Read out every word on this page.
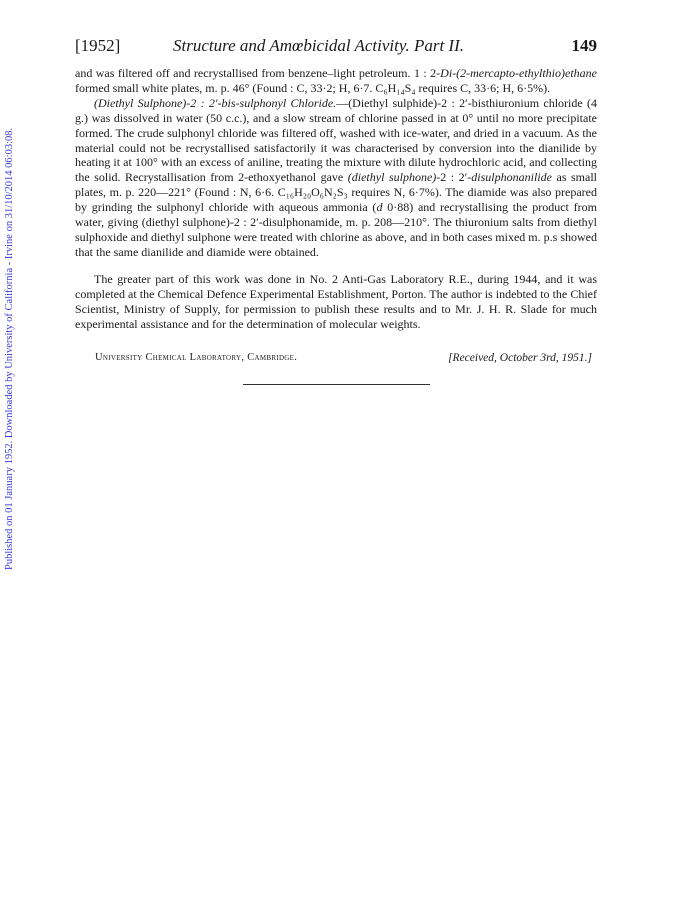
Published on 01 January 1952. Downloaded by University of California - Irvine on 31/10/2014 06:03:08.
[1952]	Structure and Amœbicidal Activity. Part II.	149

and was filtered off and recrystallised from benzene–light petroleum. 1 : 2-Di-(2-mercapto-ethylthio)ethane formed small white plates, m. p. 46° (Found : C, 33·2; H, 6·7. C₆H₁₄S₄ requires C, 33·6; H, 6·5%).

(Diethyl Sulphone)-2 : 2′-bis-sulphonyl Chloride.—(Diethyl sulphide)-2 : 2′-bisthiuronium chloride (4 g.) was dissolved in water (50 c.c.), and a slow stream of chlorine passed in at 0° until no more precipitate formed. The crude sulphonyl chloride was filtered off, washed with ice-water, and dried in a vacuum. As the material could not be recrystallised satisfactorily it was characterised by conversion into the dianilide by heating it at 100° with an excess of aniline, treating the mixture with dilute hydrochloric acid, and collecting the solid. Recrystallisation from 2-ethoxyethanol gave (diethyl sulphone)-2 : 2′-disulphonanilide as small plates, m. p. 220—221° (Found : N, 6·6. C₁₆H₂₀O₆N₂S₃ requires N, 6·7%). The diamide was also prepared by grinding the sulphonyl chloride with aqueous ammonia (d 0·88) and recrystallising the product from water, giving (diethyl sulphone)-2 : 2′-disulphonamide, m. p. 208—210°. The thiuronium salts from diethyl sulphoxide and diethyl sulphone were treated with chlorine as above, and in both cases mixed m. p.s showed that the same dianilide and diamide were obtained.

The greater part of this work was done in No. 2 Anti-Gas Laboratory R.E., during 1944, and it was completed at the Chemical Defence Experimental Establishment, Porton. The author is indebted to the Chief Scientist, Ministry of Supply, for permission to publish these results and to Mr. J. H. R. Slade for much experimental assistance and for the determination of molecular weights.

University Chemical Laboratory, Cambridge.	[Received, October 3rd, 1951.]
